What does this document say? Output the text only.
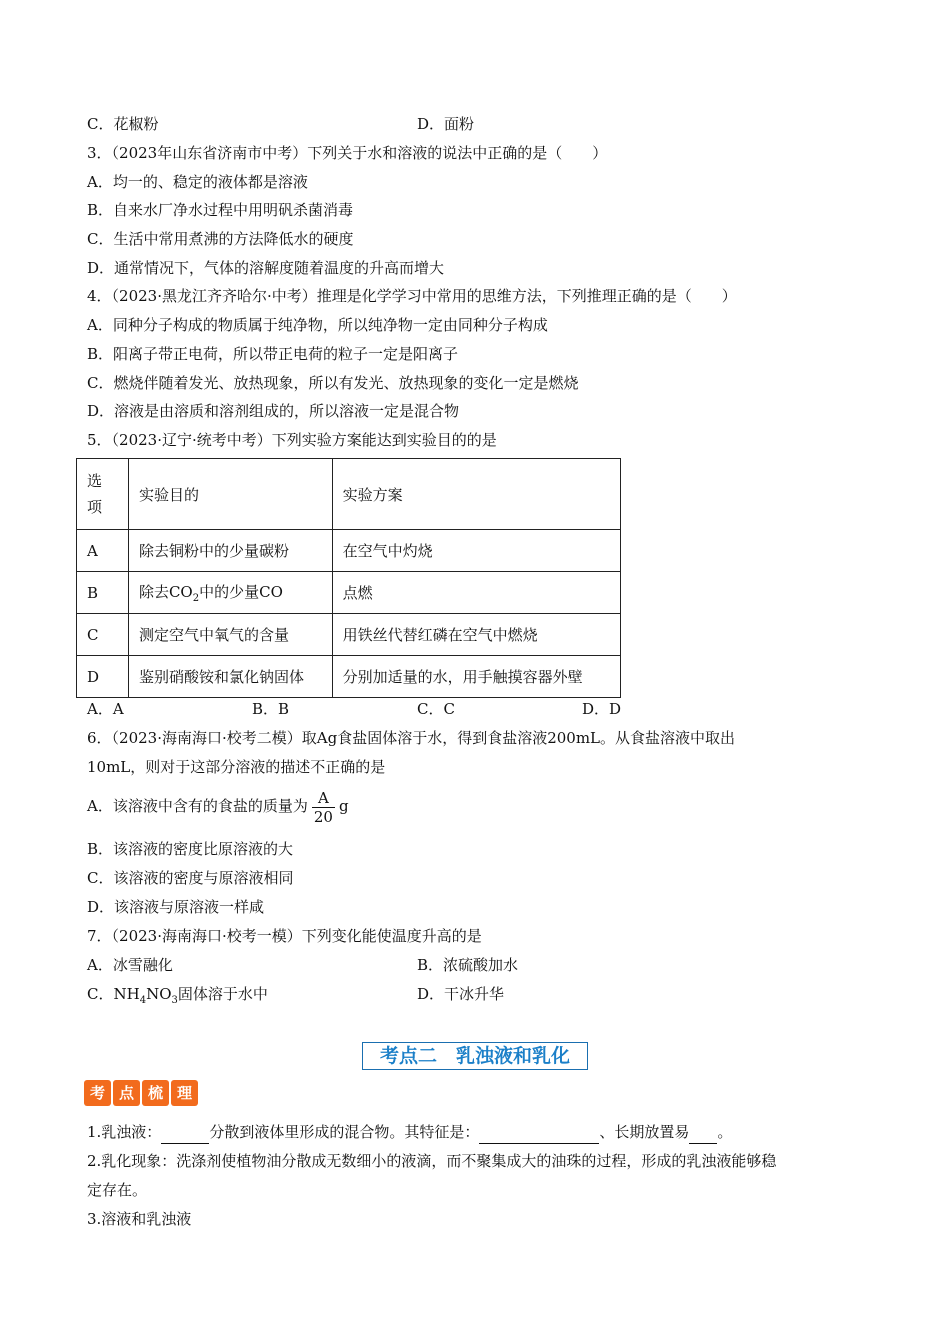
C．花椒粉	D．面粉
3．（2023年山东省济南市中考）下列关于水和溶液的说法中正确的是（　　）
A．均一的、稳定的液体都是溶液
B．自来水厂净水过程中用明矾杀菌消毒
C．生活中常用煮沸的方法降低水的硬度
D．通常情况下，气体的溶解度随着温度的升高而增大
4．（2023·黑龙江齐齐哈尔·中考）推理是化学学习中常用的思维方法，下列推理正确的是（　　）
A．同种分子构成的物质属于纯净物，所以纯净物一定由同种分子构成
B．阳离子带正电荷，所以带正电荷的粒子一定是阳离子
C．燃烧伴随着发光、放热现象，所以有发光、放热现象的变化一定是燃烧
D．溶液是由溶质和溶剂组成的，所以溶液一定是混合物
5．（2023·辽宁·统考中考）下列实验方案能达到实验目的的是
选
项	实验目的	实验方案
A	除去铜粉中的少量碳粉	在空气中灼烧
B	除去$CO_2$中的少量CO	点燃
C	测定空气中氧气的含量	用铁丝代替红磷在空气中燃烧
D	鉴别硝酸铵和氯化钠固体	分别加适量的水，用手触摸容器外壁
A．A	B．B	C．C	D．D
6．（2023·海南海口·校考二模）取Ag食盐固体溶于水，得到食盐溶液200mL。从食盐溶液中取出
10mL，则对于这部分溶液的描述不正确的是
A．该溶液中含有的食盐的质量为 $\frac{A}{20}$ g
B．该溶液的密度比原溶液的大
C．该溶液的密度与原溶液相同
D．该溶液与原溶液一样咸
7．（2023·海南海口·校考一模）下列变化能使温度升高的是
A．冰雪融化	B．浓硫酸加水
C．$NH_4NO_3$固体溶于水中	D．干冰升华
考点二　乳浊液和乳化
考 点 梳 理
1.乳浊液：	分散到液体里形成的混合物。其特征是：	、长期放置易 。
2.乳化现象：洗涤剂使植物油分散成无数细小的液滴，而不聚集成大的油珠的过程，形成的乳浊液能够稳
定存在。
3.溶液和乳浊液
